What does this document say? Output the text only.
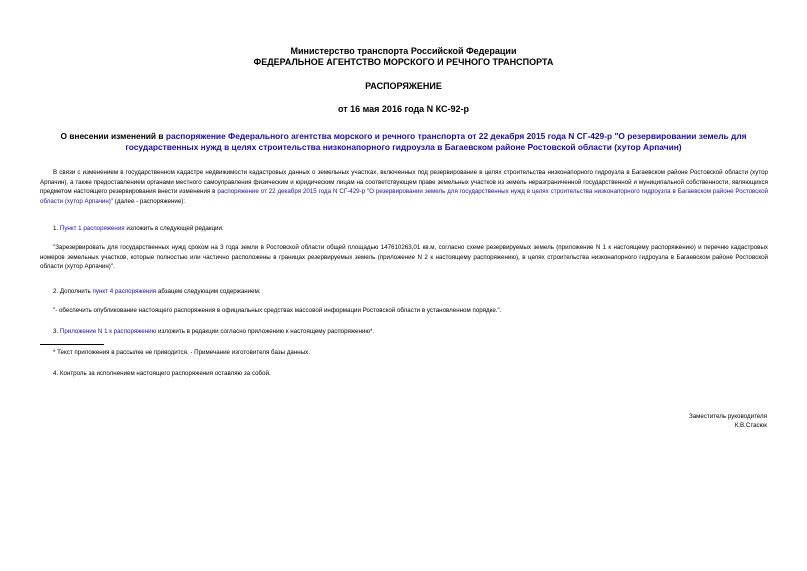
Министерство транспорта Российской Федерации
ФЕДЕРАЛЬНОЕ АГЕНТСТВО МОРСКОГО И РЕЧНОГО ТРАНСПОРТА
РАСПОРЯЖЕНИЕ
от 16 мая 2016 года N КС-92-р
О внесении изменений в распоряжение Федерального агентства морского и речного транспорта от 22 декабря 2015 года N СГ-429-р "О резервировании земель для государственных нужд в целях строительства низконапорного гидроузла в Багаевском районе Ростовской области (хутор Арпачин)
В связи с изменением в государственном кадастре недвижимости кадастровых данных о земельных участках, включенных под резервирование в целях строительства низконапорного гидроузла в Багаевском районе Ростовской области (хутор Арпачин), а также предоставлением органами местного самоуправления физическим и юридическим лицам на соответствующем праве земельных участков из земель неразграниченной государственной и муниципальной собственности, являющихся предметом настоящего резервирования внести изменения в распоряжение от 22 декабря 2015 года N СГ-429-р "О резервировании земель для государственных нужд в целях строительства низконапорного гидроузла в Багаевском районе Ростовской области (хутор Арпачин)" (далее - распоряжение):
1. Пункт 1 распоряжения изложить в следующей редакции:
"Зарезервировать для государственных нужд сроком на 3 года земли в Ростовской области общей площадью 147610263,01 кв.м, согласно схеме резервируемых земель (приложение N 1 к настоящему распоряжению) и перечню кадастровых номеров земельных участков, которые полностью или частично расположены в границах резервируемых земель (приложение N 2 к настоящему распоряжению), в целях строительства низконапорного гидроузла в Багаевском районе Ростовской области (хутор Арпачин)".
2. Дополнить пункт 4 распоряжения абзацем следующим содержанием:
"- обеспечить опубликование настоящего распоряжения в официальных средствах массовой информации Ростовской области в установленном порядке.".
3. Приложение N 1 к распоряжению изложить в редакции согласно приложению к настоящему распоряжению*.
* Текст приложения в рассылке не приводится. - Примечание изготовителя базы данных.
4. Контроль за исполнением настоящего распоряжения оставляю за собой.
Заместитель руководителя
К.В.Стасюк
